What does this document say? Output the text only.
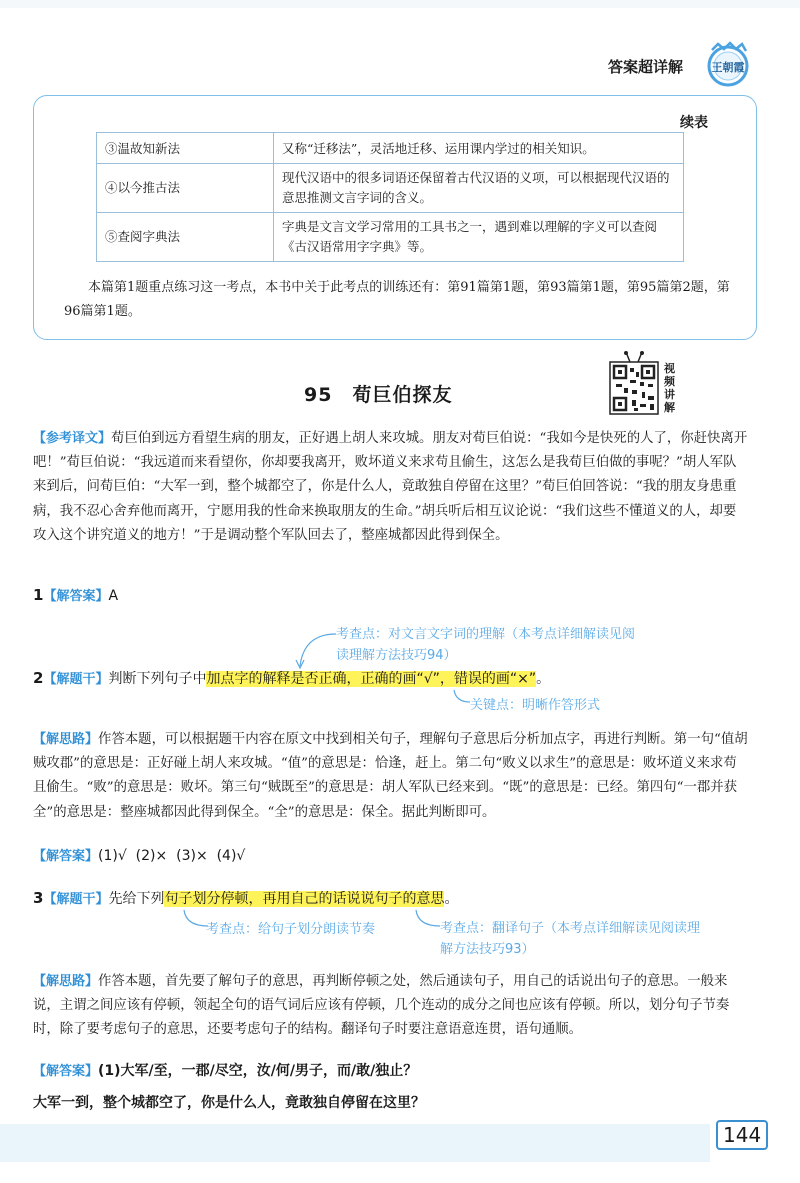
答案超详解	王朝霞
续表
③温故知新法	又称“迁移法”，灵活地迁移、运用课内学过的相关知识。
④以今推古法	现代汉语中的很多词语还保留着古代汉语的义项，可以根据现代汉语的意思推测文言字词的含义。
⑤查阅字典法	字典是文言文学习常用的工具书之一，遇到难以理解的字义可以查阅《古汉语常用字字典》等。

本篇第1题重点练习这一考点，本书中关于此考点的训练还有：第91篇第1题，第93篇第1题，第95篇第2题，第96篇第1题。

95 荀巨伯探友
视
频
讲
解

【参考译文】荀巨伯到远方看望生病的朋友，正好遇上胡人来攻城。朋友对荀巨伯说：“我如今是快死的人了，你赶快离开吧！”荀巨伯说：“我远道而来看望你，你却要我离开，败坏道义来求苟且偷生，这怎么是我荀巨伯做的事呢？”胡人军队来到后，问荀巨伯：“大军一到，整个城都空了，你是什么人，竟敢独自停留在这里？”荀巨伯回答说：“我的朋友身患重病，我不忍心舍弃他而离开，宁愿用我的性命来换取朋友的生命。”胡兵听后相互议论说：“我们这些不懂道义的人，却要攻入这个讲究道义的地方！”于是调动整个军队回去了，整座城都因此得到保全。

1【解答案】A
考查点：对文言文字词的理解（本考点详细解读见阅读理解方法技巧94）
2【解题干】判断下列句子中加点字的解释是否正确，正确的画“√”，错误的画“×”。
关键点：明晰作答形式

【解思路】作答本题，可以根据题干内容在原文中找到相关句子，理解句子意思后分析加点字，再进行判断。第一句“值胡贼攻郡”的意思是：正好碰上胡人来攻城。“值”的意思是：恰逢，赶上。第二句“败义以求生”的意思是：败坏道义来求苟且偷生。“败”的意思是：败坏。第三句“贼既至”的意思是：胡人军队已经来到。“既”的意思是：已经。第四句“一郡并获全”的意思是：整座城都因此得到保全。“全”的意思是：保全。据此判断即可。

【解答案】(1)√  (2)×  (3)×  (4)√
3【解题干】先给下列句子划分停顿，再用自己的话说说句子的意思。
考查点：给句子划分朗读节奏	考查点：翻译句子（本考点详细解读见阅读理解方法技巧93）

【解思路】作答本题，首先要了解句子的意思，再判断停顿之处，然后通读句子，用自己的话说出句子的意思。一般来说，主谓之间应该有停顿，领起全句的语气词后应该有停顿，几个连动的成分之间也应该有停顿。所以，划分句子节奏时，除了要考虑句子的意思，还要考虑句子的结构。翻译句子时要注意语意连贯，语句通顺。

【解答案】(1)大军/至，一郡/尽空，汝/何/男子，而/敢/独止？
大军一到，整个城都空了，你是什么人，竟敢独自停留在这里？
144
